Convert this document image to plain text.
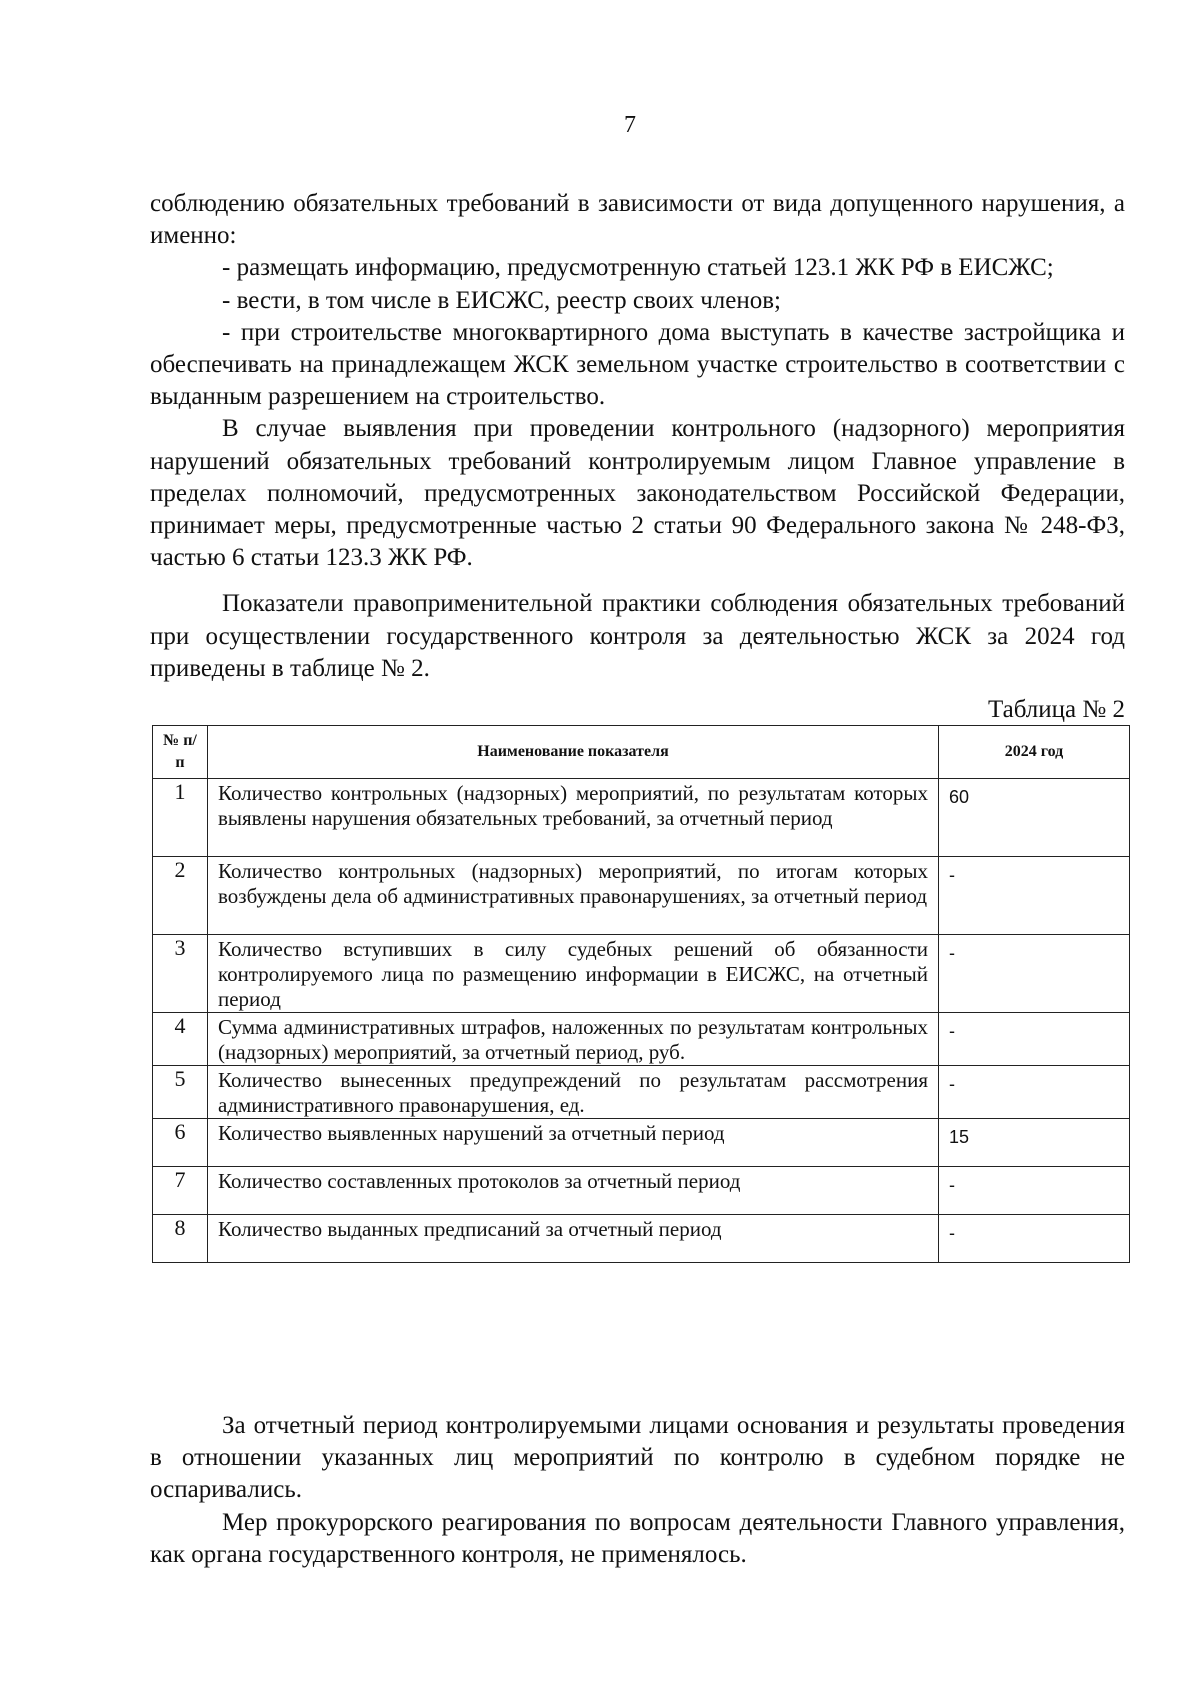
7

соблюдению обязательных требований в зависимости от вида допущенного нарушения, а именно:

- размещать информацию, предусмотренную статьей 123.1 ЖК РФ в ЕИСЖС;

- вести, в том числе в ЕИСЖС, реестр своих членов;

- при строительстве многоквартирного дома выступать в качестве застройщика и обеспечивать на принадлежащем ЖСК земельном участке строительство в соответствии с выданным разрешением на строительство.

В случае выявления при проведении контрольного (надзорного) мероприятия нарушений обязательных требований контролируемым лицом Главное управление в пределах полномочий, предусмотренных законодательством Российской Федерации, принимает меры, предусмотренные частью 2 статьи 90 Федерального закона № 248-ФЗ, частью 6 статьи 123.3 ЖК РФ.

Показатели правоприменительной практики соблюдения обязательных требований при осуществлении государственного контроля за деятельностью ЖСК за 2024 год приведены в таблице № 2.

Таблица № 2
№ п/п	Наименование показателя	2024 год
1	Количество контрольных (надзорных) мероприятий, по результатам которых выявлены нарушения обязательных требований, за отчетный период	60
2	Количество контрольных (надзорных) мероприятий, по итогам которых возбуждены дела об административных правонарушениях, за отчетный период	-
3	Количество вступивших в силу судебных решений об обязанности контролируемого лица по размещению информации в ЕИСЖС, на отчетный период	-
4	Сумма административных штрафов, наложенных по результатам контрольных (надзорных) мероприятий, за отчетный период, руб.	-
5	Количество вынесенных предупреждений по результатам рассмотрения административного правонарушения, ед.	-
6	Количество выявленных нарушений за отчетный период	15
7	Количество составленных протоколов за отчетный период	-
8	Количество выданных предписаний за отчетный период	-

За отчетный период контролируемыми лицами основания и результаты проведения в отношении указанных лиц мероприятий по контролю в судебном порядке не оспаривались.

Мер прокурорского реагирования по вопросам деятельности Главного управления, как органа государственного контроля, не применялось.
